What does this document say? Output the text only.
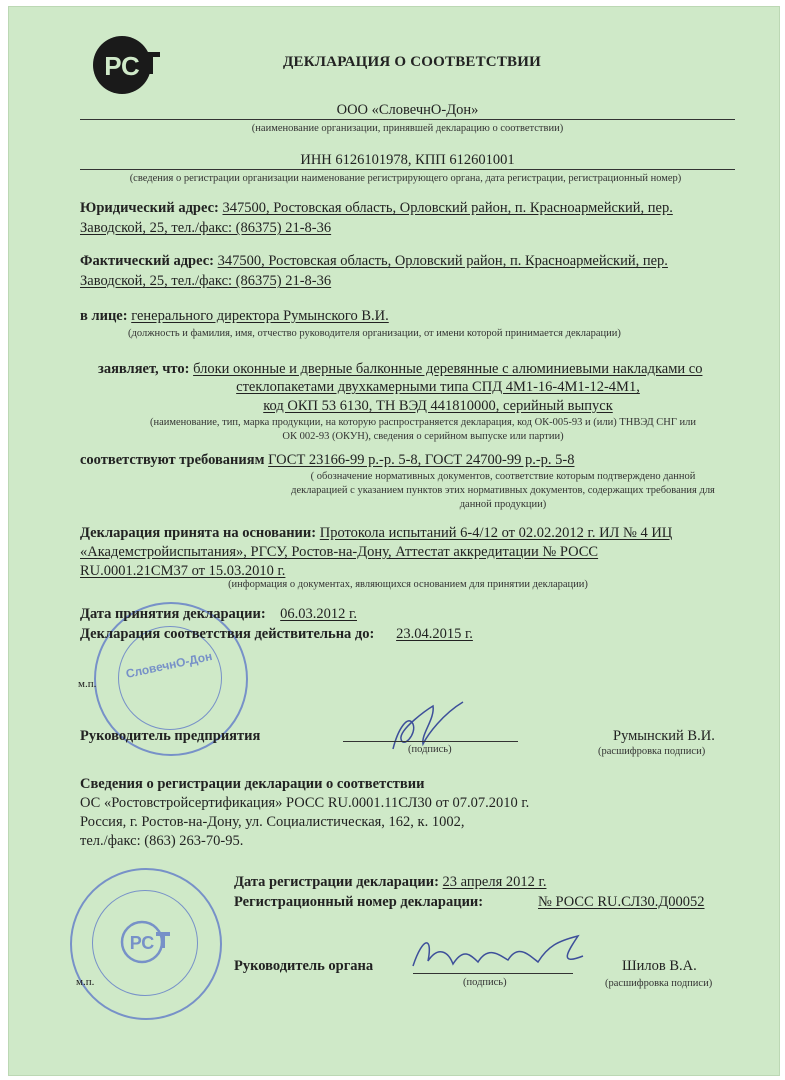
РС	ДЕКЛАРАЦИЯ О СООТВЕТСТВИИ
ООО «СловечнО-Дон»
(наименование организации, принявшей декларацию о соответствии)
ИНН 6126101978, КПП 612601001
(сведения о регистрации организации наименование регистрирующего органа, дата регистрации, регистрационный номер)
Юридический адрес: 347500, Ростовская область, Орловский район, п. Красноармейский, пер.
Заводской, 25, тел./факс: (86375) 21-8-36
Фактический адрес: 347500, Ростовская область, Орловский район, п. Красноармейский, пер.
Заводской, 25, тел./факс: (86375) 21-8-36
в лице: генерального директора Румынского В.И.
(должность и фамилия, имя, отчество руководителя организации, от имени которой принимается декларации)
заявляет, что: блоки оконные и дверные балконные деревянные с алюминиевыми накладками со
стеклопакетами двухкамерными типа СПД 4М1-16-4М1-12-4М1,
код ОКП 53 6130, ТН ВЭД 441810000, серийный выпуск
(наименование, тип, марка продукции, на которую распространяется декларация, код ОК-005-93 и (или) ТНВЭД СНГ или
ОК 002-93 (ОКУН), сведения о серийном выпуске или партии)
соответствуют требованиям ГОСТ 23166-99 р.-р. 5-8, ГОСТ 24700-99 р.-р. 5-8
( обозначение нормативных документов, соответствие которым подтверждено данной
декларацией с указанием пунктов этих нормативных документов, содержащих требования для
данной продукции)
Декларация принята на основании: Протокола испытаний 6-4/12 от 02.02.2012 г. ИЛ № 4 ИЦ
«Академстройиспытания», РГСУ, Ростов-на-Дону, Аттестат аккредитации № РОСС
RU.0001.21СМ37 от 15.03.2010 г.
(информация о документах, являющихся основанием для принятии декларации)
СловечнО-Дон
Дата принятия декларации: 06.03.2012 г.
Декларация соответствия действительна до: 23.04.2015 г.
м.п.
Руководитель предприятия
(подпись)
Румынский В.И.
(расшифровка подписи)
Сведения о регистрации декларации о соответствии
ОС «Ростовстройсертификация» РОСС RU.0001.11СЛ30 от 07.07.2010 г.
Россия, г. Ростов-на-Дону, ул. Социалистическая, 162, к. 1002,
тел./факс: (863) 263-70-95.
Дата регистрации декларации: 23 апреля 2012 г.
Регистрационный номер декларации:	№ РОСС RU.СЛ30.Д00052
РС
Руководитель органа
(подпись)
Шилов В.А.
(расшифровка подписи)
м.п.
